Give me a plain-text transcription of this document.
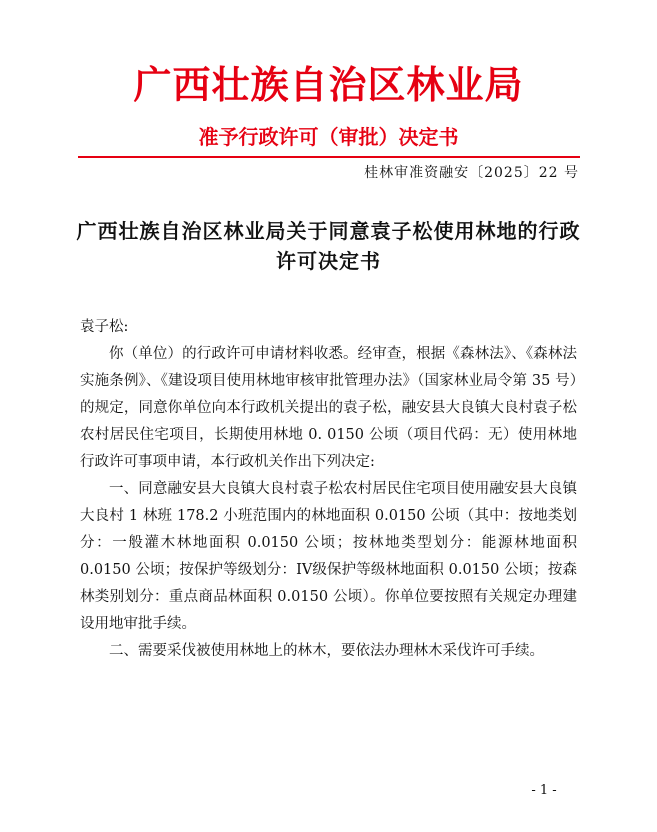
广西壮族自治区林业局
准予行政许可（审批）决定书
桂林审准资融安〔2025〕22 号
广西壮族自治区林业局关于同意袁子松使用林地的行政许可决定书

袁子松:

你（单位）的行政许可申请材料收悉。经审查，根据《森林法》、《森林法实施条例》、《建设项目使用林地审核审批管理办法》（国家林业局令第 35 号）的规定，同意你单位向本行政机关提出的袁子松，融安县大良镇大良村袁子松农村居民住宅项目，长期使用林地 0. 0150 公顷（项目代码：无）使用林地行政许可事项申请，本行政机关作出下列决定:

一、同意融安县大良镇大良村袁子松农村居民住宅项目使用融安县大良镇大良村 1 林班 178.2 小班范围内的林地面积 0.0150 公顷（其中：按地类划分：一般灌木林地面积 0.0150 公顷；按林地类型划分：能源林地面积 0.0150 公顷；按保护等级划分：IV级保护等级林地面积 0.0150 公顷；按森林类别划分：重点商品林面积 0.0150 公顷）。你单位要按照有关规定办理建设用地审批手续。

二、需要采伐被使用林地上的林木，要依法办理林木采伐许可手续。

- 1 -
